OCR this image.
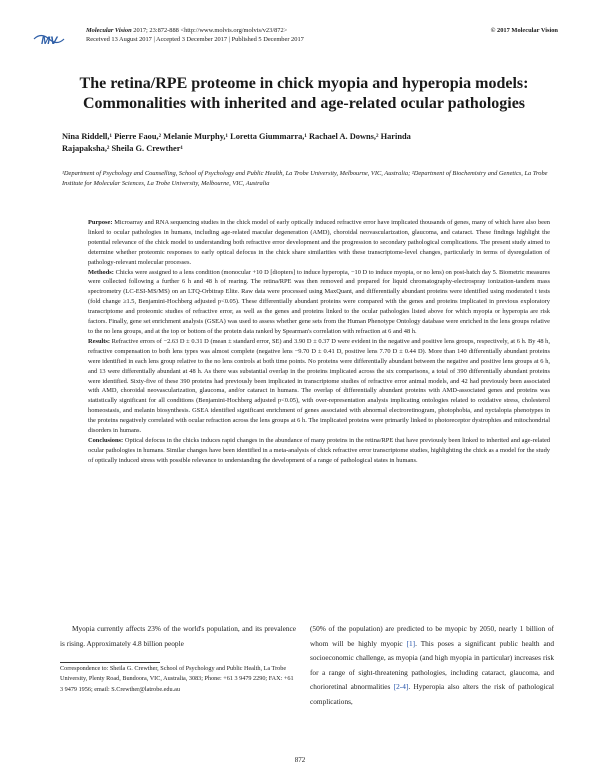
Molecular Vision 2017; 23:872-888 <http://www.molvis.org/molvis/v23/872>
Received 13 August 2017 | Accepted 3 December 2017 | Published 5 December 2017
© 2017 Molecular Vision
MV
The retina/RPE proteome in chick myopia and hyperopia models: Commonalities with inherited and age-related ocular pathologies
Nina Riddell,¹ Pierre Faou,² Melanie Murphy,¹ Loretta Giummarra,¹ Rachael A. Downs,² Harinda
Rajapaksha,² Sheila G. Crewther¹
¹Department of Psychology and Counselling, School of Psychology and Public Health, La Trobe University, Melbourne, VIC, Australia; ²Department of Biochemistry and Genetics, La Trobe Institute for Molecular Sciences, La Trobe University, Melbourne, VIC, Australia

Purpose: Microarray and RNA sequencing studies in the chick model of early optically induced refractive error have implicated thousands of genes, many of which have also been linked to ocular pathologies in humans, including age-related macular degeneration (AMD), choroidal neovascularization, glaucoma, and cataract. These findings highlight the potential relevance of the chick model to understanding both refractive error development and the progression to secondary pathological complications. The present study aimed to determine whether proteomic responses to early optical defocus in the chick share similarities with these transcriptome-level changes, particularly in terms of dysregulation of pathology-relevant molecular processes.

Methods: Chicks were assigned to a lens condition (monocular +10 D [diopters] to induce hyperopia, −10 D to induce myopia, or no lens) on post-hatch day 5. Biometric measures were collected following a further 6 h and 48 h of rearing. The retina/RPE was then removed and prepared for liquid chromatography-electrospray ionization-tandem mass spectrometry (LC-ESI-MS/MS) on an LTQ-Orbitrap Elite. Raw data were processed using MaxQuant, and differentially abundant proteins were identified using moderated t tests (fold change ≥1.5, Benjamini-Hochberg adjusted p<0.05). These differentially abundant proteins were compared with the genes and proteins implicated in previous exploratory transcriptome and proteomic studies of refractive error, as well as the genes and proteins linked to the ocular pathologies listed above for which myopia or hyperopia are risk factors. Finally, gene set enrichment analysis (GSEA) was used to assess whether gene sets from the Human Phenotype Ontology database were enriched in the lens groups relative to the no lens groups, and at the top or bottom of the protein data ranked by Spearman's correlation with refraction at 6 and 48 h.

Results: Refractive errors of −2.63 D ± 0.31 D (mean ± standard error, SE) and 3.90 D ± 0.37 D were evident in the negative and positive lens groups, respectively, at 6 h. By 48 h, refractive compensation to both lens types was almost complete (negative lens −9.70 D ± 0.41 D, positive lens 7.70 D ± 0.44 D). More than 140 differentially abundant proteins were identified in each lens group relative to the no lens controls at both time points. No proteins were differentially abundant between the negative and positive lens groups at 6 h, and 13 were differentially abundant at 48 h. As there was substantial overlap in the proteins implicated across the six comparisons, a total of 390 differentially abundant proteins were identified. Sixty-five of these 390 proteins had previously been implicated in transcriptome studies of refractive error animal models, and 42 had previously been associated with AMD, choroidal neovascularization, glaucoma, and/or cataract in humans. The overlap of differentially abundant proteins with AMD-associated genes and proteins was statistically significant for all conditions (Benjamini-Hochberg adjusted p<0.05), with over-representation analysis implicating ontologies related to oxidative stress, cholesterol homeostasis, and melanin biosynthesis. GSEA identified significant enrichment of genes associated with abnormal electroretinogram, photophobia, and nyctalopia phenotypes in the proteins negatively correlated with ocular refraction across the lens groups at 6 h. The implicated proteins were primarily linked to photoreceptor dystrophies and mitochondrial disorders in humans.

Conclusions: Optical defocus in the chicks induces rapid changes in the abundance of many proteins in the retina/RPE that have previously been linked to inherited and age-related ocular pathologies in humans. Similar changes have been identified in a meta-analysis of chick refractive error transcriptome studies, highlighting the chick as a model for the study of optically induced stress with possible relevance to understanding the development of a range of pathological states in humans.

Myopia currently affects 23% of the world's population, and its prevalence is rising. Approximately 4.8 billion people
(50% of the population) are predicted to be myopic by 2050, nearly 1 billion of whom will be highly myopic [1]. This poses a significant public health and socioeconomic challenge, as myopia (and high myopia in particular) increases risk for a range of sight-threatening pathologies, including cataract, glaucoma, and chorioretinal abnormalities [2-4]. Hyperopia also alters the risk of pathological complications,
Correspondence to: Sheila G. Crewther, School of Psychology and Public Health, La Trobe University, Plenty Road, Bundoora, VIC, Australia, 3083; Phone: +61 3 9479 2290; FAX: +61 3 9479 1956; email: S.Crewther@latrobe.edu.au
872
